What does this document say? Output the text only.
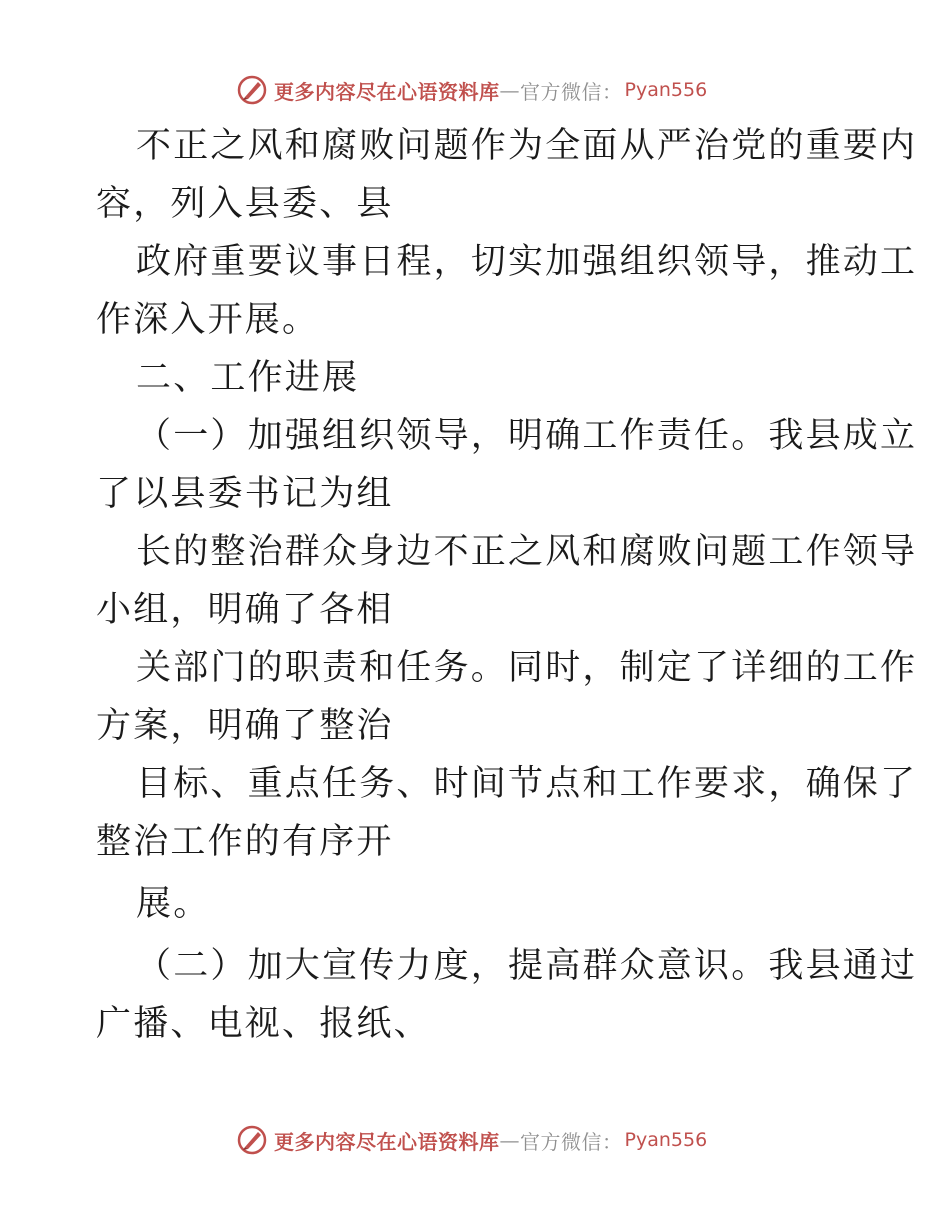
更多内容尽在心语资料库 — 官方微信： Pyan556
不正之风和腐败问题作为全面从严治党的重要内
容，列入县委、县
政府重要议事日程，切实加强组织领导，推动工
作深入开展。
二、工作进展
（一）加强组织领导，明确工作责任。我县成立
了以县委书记为组
长的整治群众身边不正之风和腐败问题工作领导
小组，明确了各相
关部门的职责和任务。同时，制定了详细的工作
方案，明确了整治
目标、重点任务、时间节点和工作要求，确保了
整治工作的有序开
展。
（二）加大宣传力度，提高群众意识。我县通过
广播、电视、报纸、
更多内容尽在心语资料库 — 官方微信： Pyan556
